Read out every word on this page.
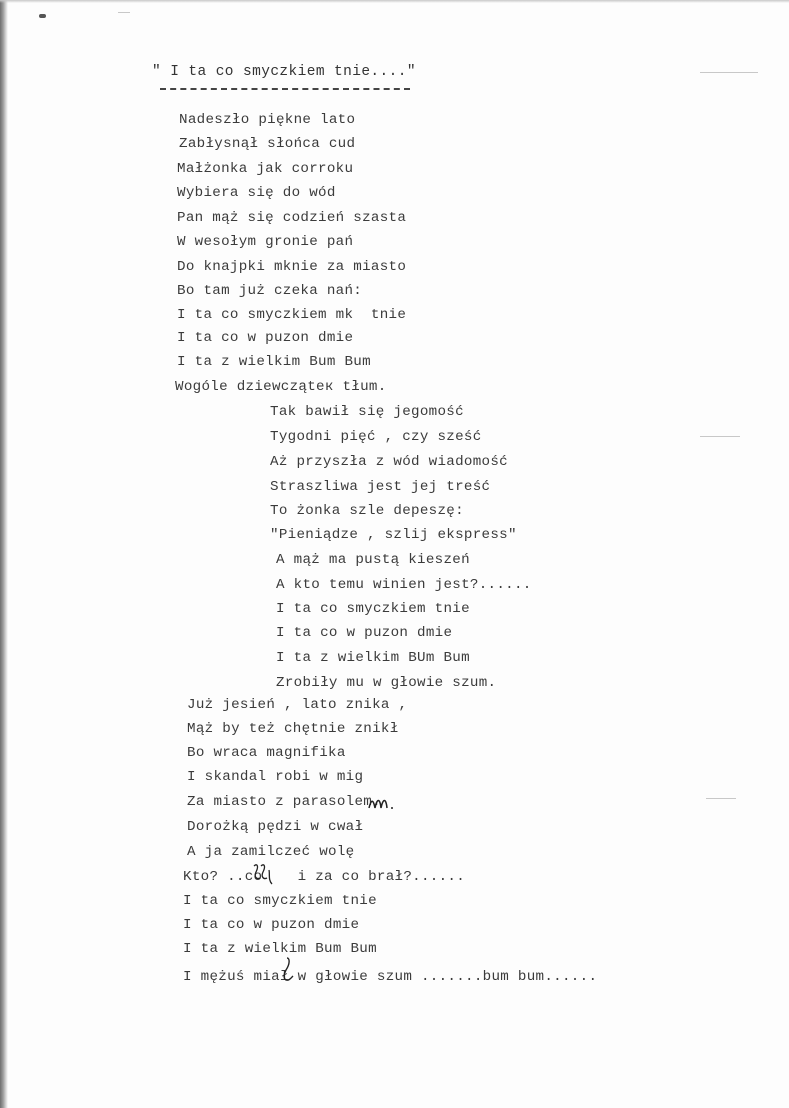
" I ta co smyczkiem tnie...."
Nadeszło piękne lato
Zabłysnął słońca cud
Małżonka jak corroku
Wybiera się do wód
Pan mąż się codzień szasta
W wesołym gronie pań
Do knajpki mknie za miasto
Bo tam już czeka nań:
I ta co smyczkiem mk  tnie
I ta co w puzon dmie
I ta z wielkim Bum Bum
Wogóle dziewcząteк tłum.
Tak bawił się jegomość
Tygodni pięć , czy sześć
Aż przyszła z wód wiadomość
Straszliwa jest jej treść
To żonka szle depeszę:
"Pieniądze , szlij ekspress"
A mąż ma pustą kieszeń
A kto temu winien jest?......
I ta co smyczkiem tnie
I ta co w puzon dmie
I ta z wielkim BUm Bum
Zrobiły mu w głowie szum.
Już jesień , lato znika ,
Mąż by też chętnie znikł
Bo wraca magnifika
I skandal robi w mig
Za miasto z parasolem.
Dorożką pędzi w cwał
A ja zamilczeć wolę
Kto? ..co    i za co brał?......
I ta co smyczkiem tnie
I ta co w puzon dmie
I ta z wielkim Bum Bum
I mężuś miał w głowie szum .......bum bum......
